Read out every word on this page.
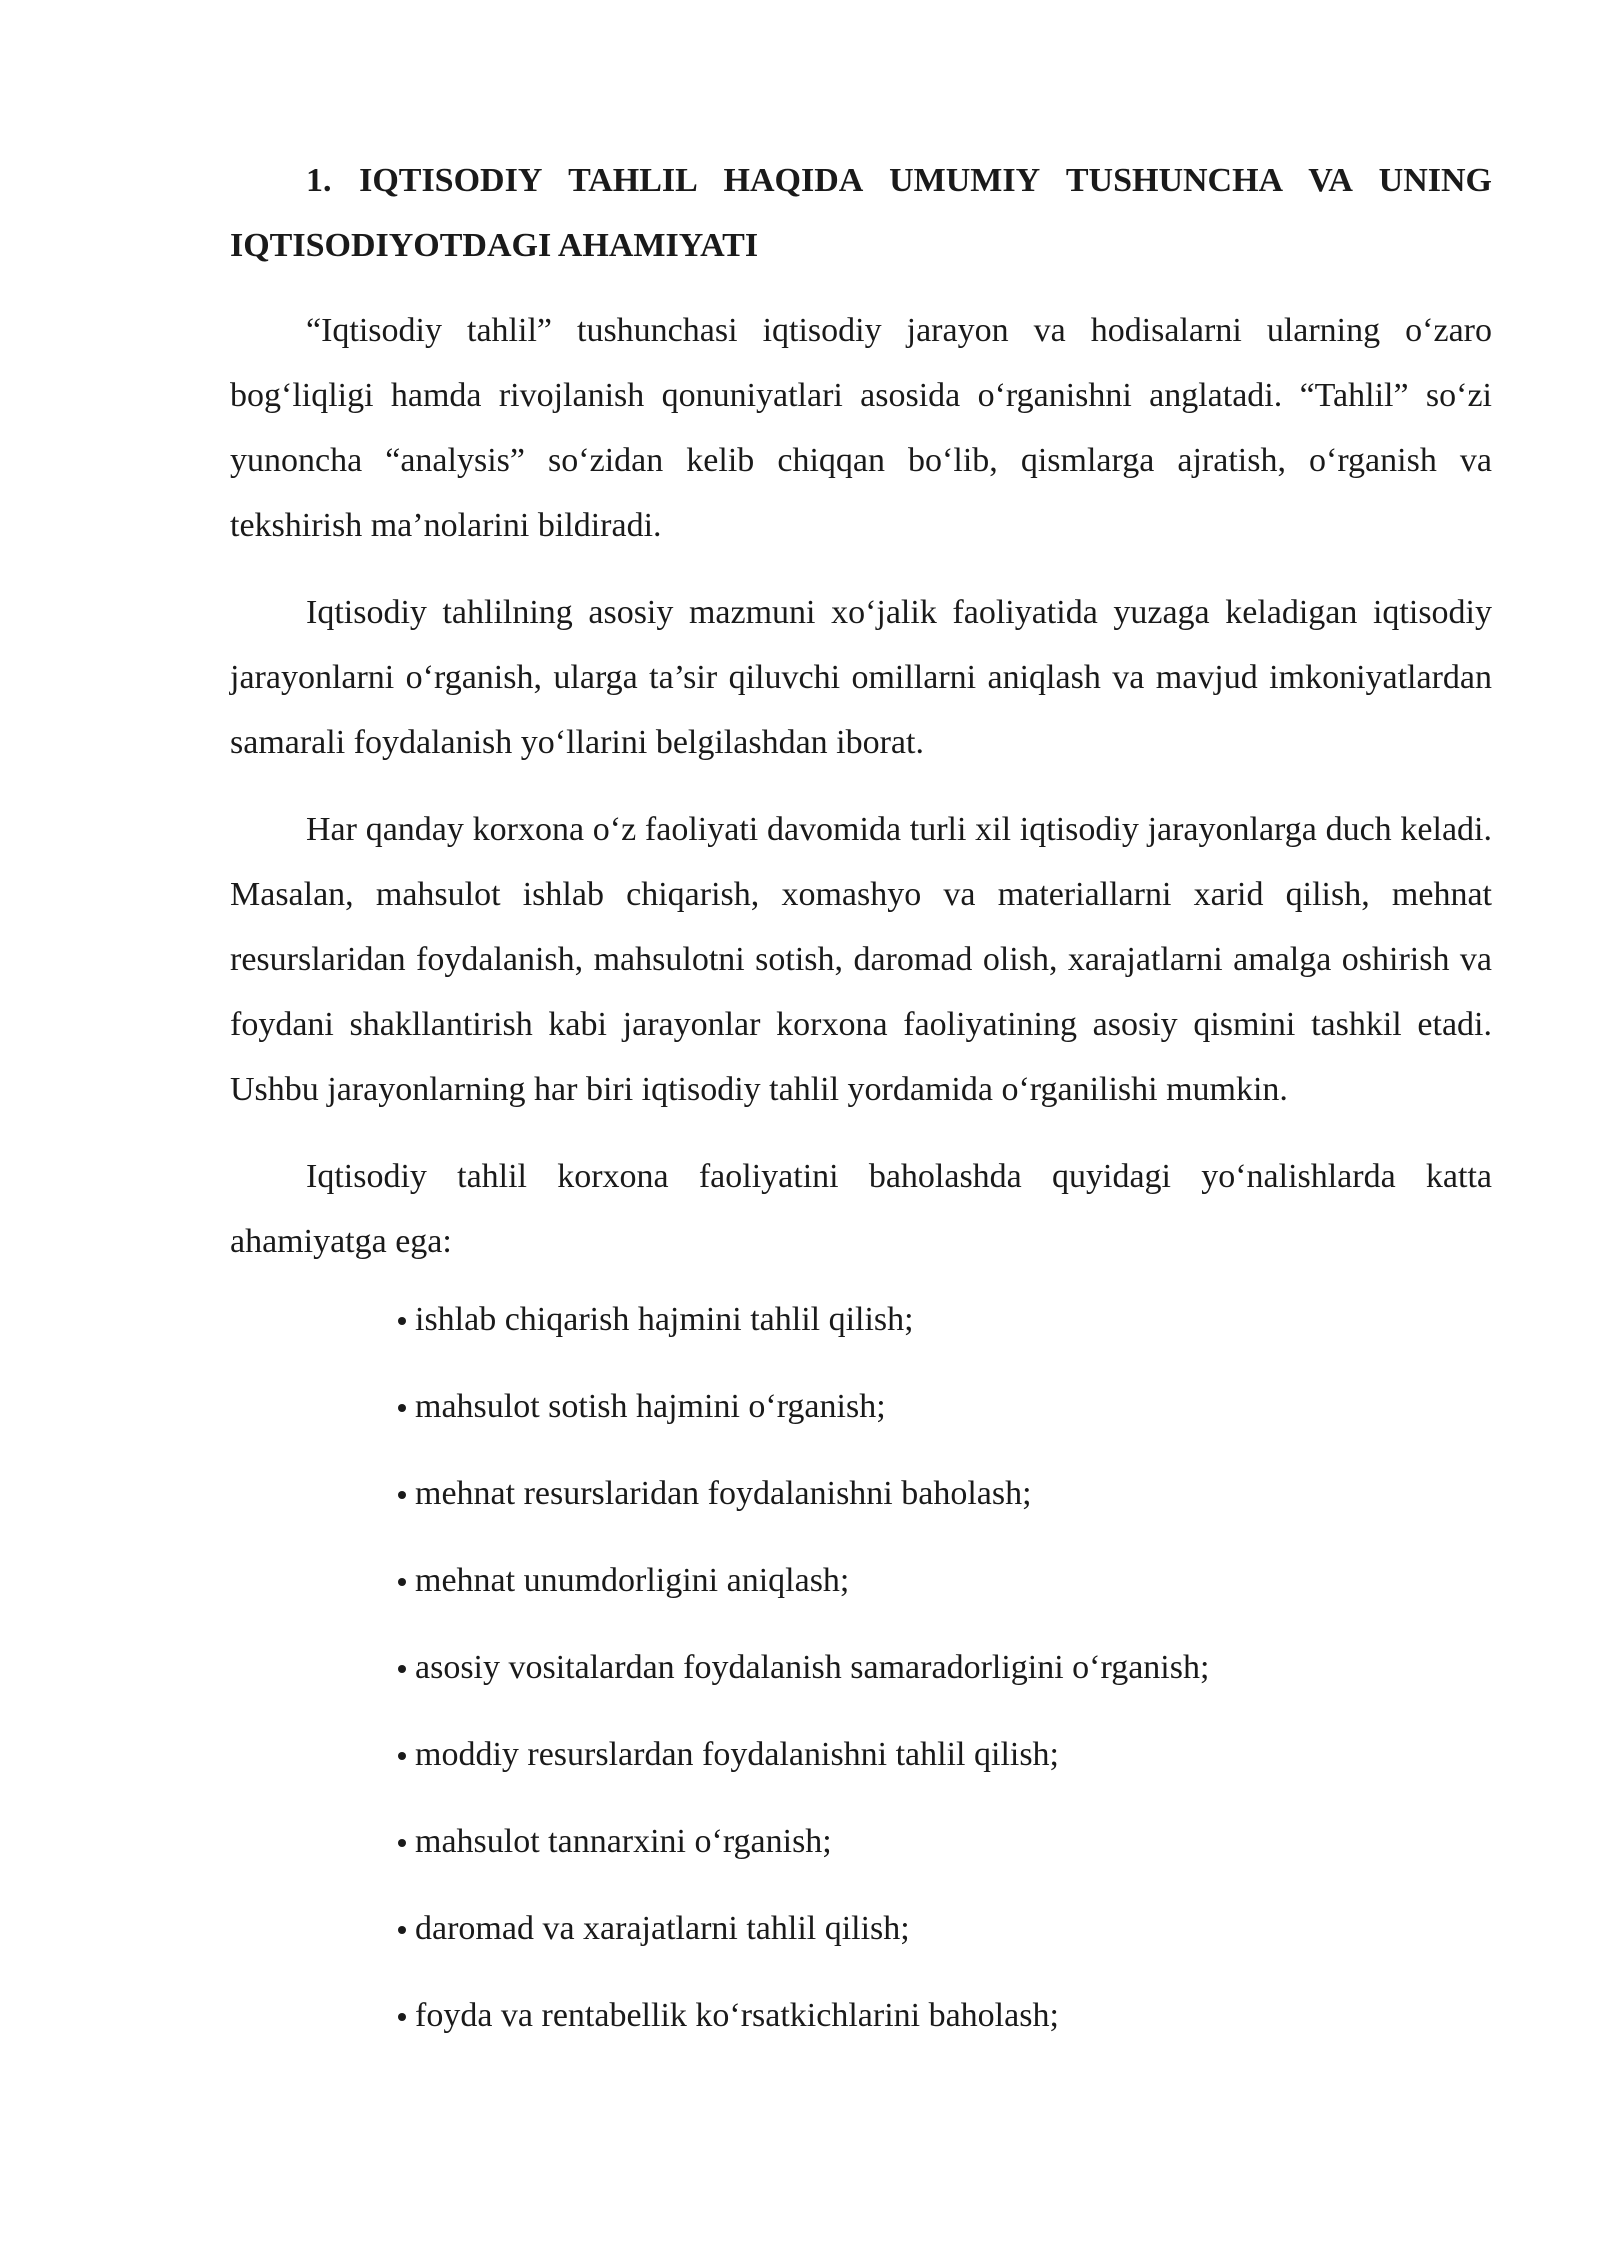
1. IQTISODIY TAHLIL HAQIDA UMUMIY TUSHUNCHA VA UNING IQTISODIYOTDAGI AHAMIYATI

“Iqtisodiy tahlil” tushunchasi iqtisodiy jarayon va hodisalarni ularning oʻzaro bogʻliqligi hamda rivojlanish qonuniyatlari asosida oʻrganishni anglatadi. “Tahlil” soʻzi yunoncha “analysis” soʻzidan kelib chiqqan boʻlib, qismlarga ajratish, oʻrganish va tekshirish ma’nolarini bildiradi.

Iqtisodiy tahlilning asosiy mazmuni xoʻjalik faoliyatida yuzaga keladigan iqtisodiy jarayonlarni oʻrganish, ularga ta’sir qiluvchi omillarni aniqlash va mavjud imkoniyatlardan samarali foydalanish yoʻllarini belgilashdan iborat.

Har qanday korxona oʻz faoliyati davomida turli xil iqtisodiy jarayonlarga duch keladi. Masalan, mahsulot ishlab chiqarish, xomashyo va materiallarni xarid qilish, mehnat resurslaridan foydalanish, mahsulotni sotish, daromad olish, xarajatlarni amalga oshirish va foydani shakllantirish kabi jarayonlar korxona faoliyatining asosiy qismini tashkil etadi. Ushbu jarayonlarning har biri iqtisodiy tahlil yordamida oʻrganilishi mumkin.

Iqtisodiy tahlil korxona faoliyatini baholashda quyidagi yoʻnalishlarda katta ahamiyatga ega:

ishlab chiqarish hajmini tahlil qilish;
mahsulot sotish hajmini oʻrganish;
mehnat resurslaridan foydalanishni baholash;
mehnat unumdorligini aniqlash;
asosiy vositalardan foydalanish samaradorligini oʻrganish;
moddiy resurslardan foydalanishni tahlil qilish;
mahsulot tannarxini oʻrganish;
daromad va xarajatlarni tahlil qilish;
foyda va rentabellik koʻrsatkichlarini baholash;
